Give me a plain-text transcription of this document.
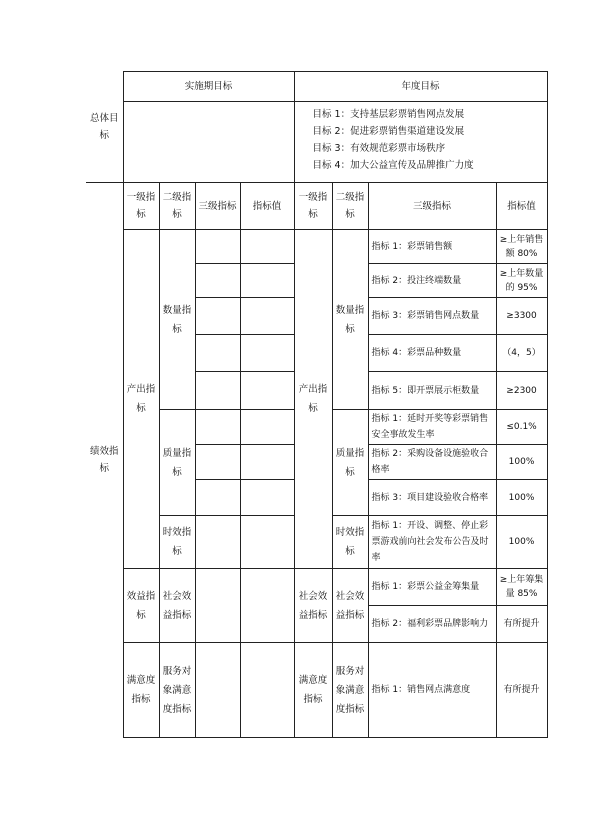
总体目标	实施期目标				年度目标			

					目标 1：支持基层彩票销售网点发展
目标 2：促进彩票销售渠道建设发展
目标 3：有效规范彩票市场秩序
目标 4：加大公益宣传及品牌推广力度			

绩效指标	一级指标	二级指标	三级指标	指标值	一级指标	二级指标	三级指标	指标值
	产出指标	数量指标			产出指标	数量指标	指标 1：彩票销售额	≥上年销售额 80%
							指标 2：投注终端数量	≥上年数量的 95%
							指标 3：彩票销售网点数量	≥3300
							指标 4：彩票品种数量	（4，5）
							指标 5：即开票展示柜数量	≥2300
		质量指标				质量指标	指标 1：延时开奖等彩票销售安全事故发生率	≤0.1%
							指标 2：采购设备设施验收合格率	100%
							指标 3：项目建设验收合格率	100%
		时效指标				时效指标	指标 1：开设、调整、停止彩票游戏前向社会发布公告及时率	100%
	效益指标	社会效益指标			社会效益指标	社会效益指标	指标 1：彩票公益金筹集量	≥上年筹集量 85%
							指标 2：福利彩票品牌影响力	有所提升
	满意度指标	服务对象满意度指标			满意度指标	服务对象满意度指标	指标 1：销售网点满意度	有所提升
